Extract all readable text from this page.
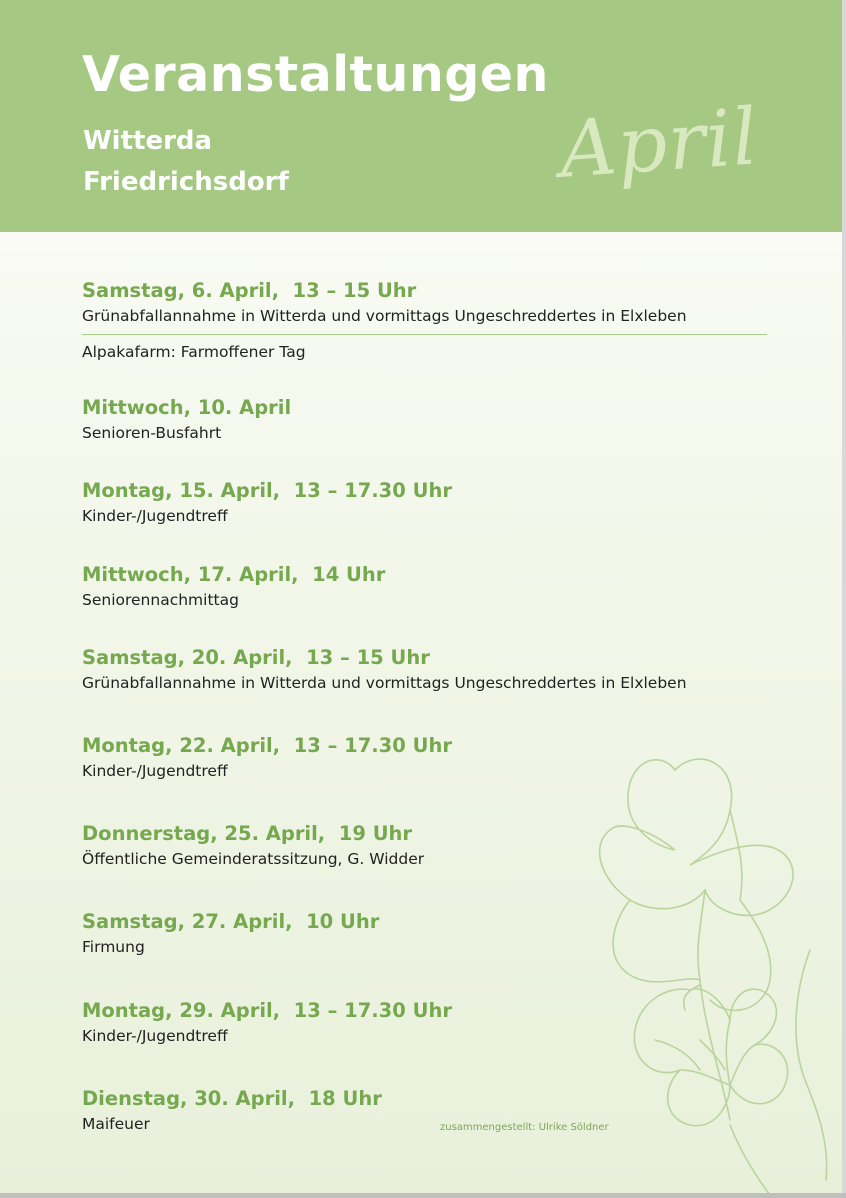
Veranstaltungen
Witterda
Friedrichsdorf	April
Samstag, 6. April,  13 – 15 Uhr
Grünabfallannahme in Witterda und vormittags Ungeschreddertes in Elxleben
Mittwoch, 10. April
Senioren-Busfahrt
Montag, 15. April,  13 – 17.30 Uhr
Kinder-/Jugendtreff
Mittwoch, 17. April,  14 Uhr
Seniorennachmittag
Samstag, 20. April,  13 – 15 Uhr
Grünabfallannahme in Witterda und vormittags Ungeschreddertes in Elxleben
Montag, 22. April,  13 – 17.30 Uhr
Kinder-/Jugendtreff
Donnerstag, 25. April,  19 Uhr
Öffentliche Gemeinderatssitzung, G. Widder
Samstag, 27. April,  10 Uhr
Firmung
Montag, 29. April,  13 – 17.30 Uhr
Kinder-/Jugendtreff
Dienstag, 30. April,  18 Uhr
Maifeuer
Alpakafarm: Farmoffener Tag
zusammengestellt: Ulrike Söldner
